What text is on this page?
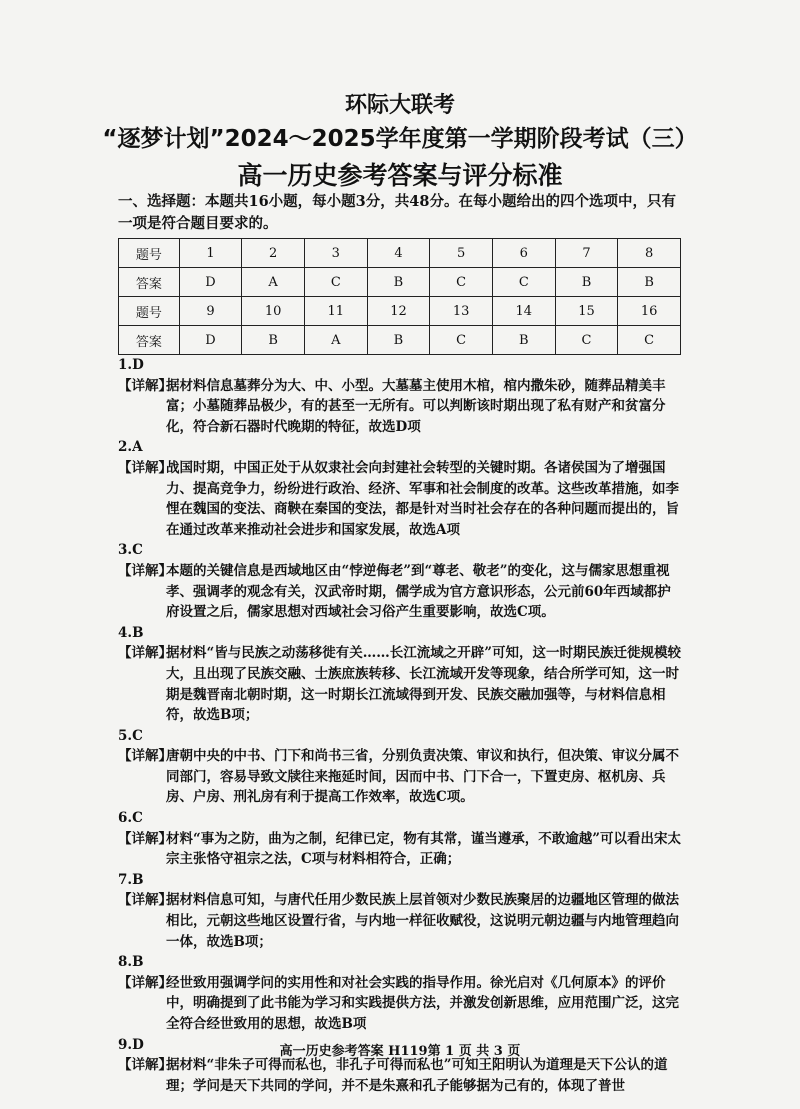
环际大联考
“逐梦计划”2024～2025学年度第一学期阶段考试（三）
高一历史参考答案与评分标准
一、选择题：本题共16小题，每小题3分，共48分。在每小题给出的四个选项中，只有一项是符合题目要求的。
题号	1	2	3	4	5	6	7	8
答案	D	A	C	B	C	C	B	B
题号	9	10	11	12	13	14	15	16
答案	D	B	A	B	C	B	C	C
1.D
【详解】
据材料信息墓葬分为大、中、小型。大墓墓主使用木棺，棺内撒朱砂，随葬品精美丰富；小墓随葬品极少，有的甚至一无所有。可以判断该时期出现了私有财产和贫富分化，符合新石器时代晚期的特征，故选D项
2.A
【详解】
战国时期，中国正处于从奴隶社会向封建社会转型的关键时期。各诸侯国为了增强国力、提高竞争力，纷纷进行政治、经济、军事和社会制度的改革。这些改革措施，如李悝在魏国的变法、商鞅在秦国的变法，都是针对当时社会存在的各种问题而提出的，旨在通过改革来推动社会进步和国家发展，故选A项
3.C
【详解】
本题的关键信息是西域地区由“悖逆侮老”到“尊老、敬老”的变化，这与儒家思想重视孝、强调孝的观念有关，汉武帝时期，儒学成为官方意识形态，公元前60年西域都护府设置之后，儒家思想对西域社会习俗产生重要影响，故选C项。
4.B
【详解】
据材料“皆与民族之动荡移徙有关……长江流域之开辟”可知，这一时期民族迁徙规模较大，且出现了民族交融、士族庶族转移、长江流域开发等现象，结合所学可知，这一时期是魏晋南北朝时期，这一时期长江流域得到开发、民族交融加强等，与材料信息相符，故选B项；
5.C
【详解】
唐朝中央的中书、门下和尚书三省，分别负责决策、审议和执行，但决策、审议分属不同部门，容易导致文牍往来拖延时间，因而中书、门下合一，下置吏房、枢机房、兵房、户房、刑礼房有利于提高工作效率，故选C项。
6.C
【详解】
材料“事为之防，曲为之制，纪律已定，物有其常，谨当遵承，不敢逾越”可以看出宋太宗主张恪守祖宗之法，C项与材料相符合，正确；
7.B
【详解】
据材料信息可知，与唐代任用少数民族上层首领对少数民族聚居的边疆地区管理的做法相比，元朝这些地区设置行省，与内地一样征收赋役，这说明元朝边疆与内地管理趋向一体，故选B项；
8.B
【详解】
经世致用强调学问的实用性和对社会实践的指导作用。徐光启对《几何原本》的评价中，明确提到了此书能为学习和实践提供方法，并激发创新思维，应用范围广泛，这完全符合经世致用的思想，故选B项
9.D
【详解】
据材料“非朱子可得而私也，非孔子可得而私也”可知王阳明认为道理是天下公认的道理；学问是天下共同的学问，并不是朱熹和孔子能够据为己有的，体现了普世
高一历史参考答案 H119第 1 页 共 3 页
